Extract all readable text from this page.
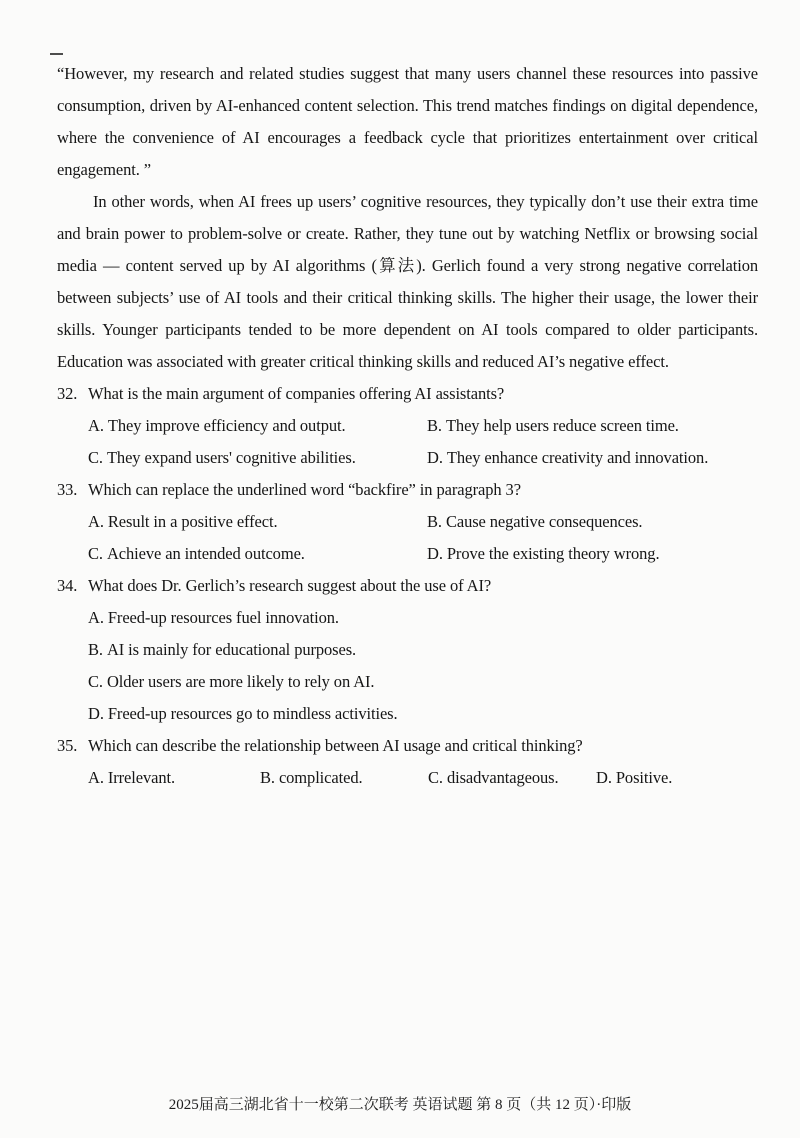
“However, my research and related studies suggest that many users channel these resources into passive consumption, driven by AI-enhanced content selection. This trend matches findings on digital dependence, where the convenience of AI encourages a feedback cycle that prioritizes entertainment over critical engagement. ”

In other words, when AI frees up users’ cognitive resources, they typically don’t use their extra time and brain power to problem-solve or create. Rather, they tune out by watching Netflix or browsing social media — content served up by AI algorithms (算法). Gerlich found a very strong negative correlation between subjects’ use of AI tools and their critical thinking skills. The higher their usage, the lower their skills. Younger participants tended to be more dependent on AI tools compared to older participants. Education was associated with greater critical thinking skills and reduced AI’s negative effect.

32. What is the main argument of companies offering AI assistants?
A. They improve efficiency and output.	B. They help users reduce screen time.
C. They expand users' cognitive abilities.	D. They enhance creativity and innovation.
33. Which can replace the underlined word “backfire” in paragraph 3?
A. Result in a positive effect.	B. Cause negative consequences.
C. Achieve an intended outcome.	D. Prove the existing theory wrong.
34. What does Dr. Gerlich’s research suggest about the use of AI?
A. Freed-up resources fuel innovation.
B. AI is mainly for educational purposes.
C. Older users are more likely to rely on AI.
D. Freed-up resources go to mindless activities.
35. Which can describe the relationship between AI usage and critical thinking?
A. Irrelevant.	B. complicated.	C. disadvantageous.	D. Positive.
2025届高三湖北省十一校第二次联考 英语试题 第 8 页（共 12 页）·印版
